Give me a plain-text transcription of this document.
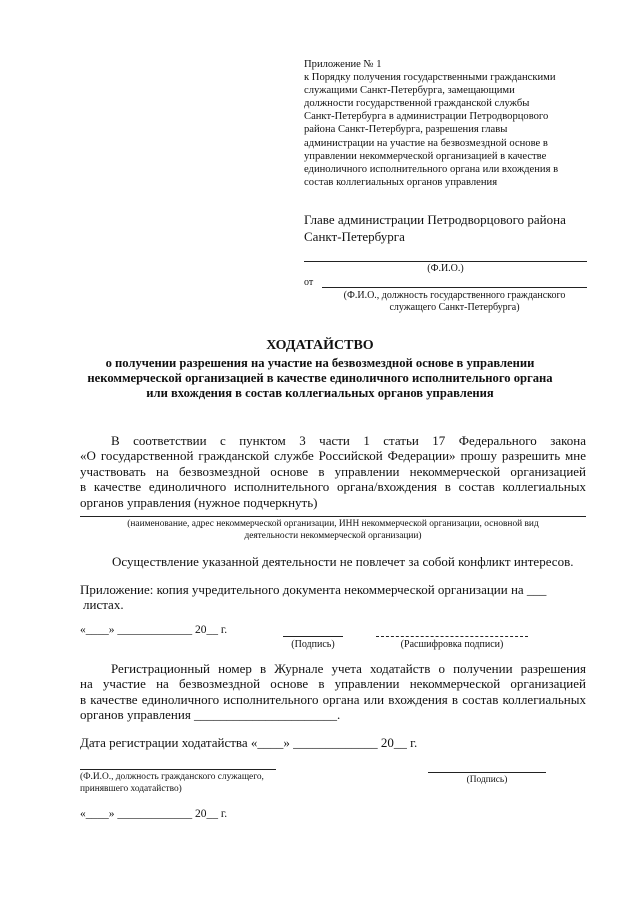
Приложение № 1
к Порядку получения государственными гражданскими
служащими Санкт-Петербурга, замещающими
должности государственной гражданской службы
Санкт-Петербурга в администрации Петродворцового
района Санкт-Петербурга, разрешения главы
администрации на участие на безвозмездной основе в
управлении некоммерческой организацией в качестве
единоличного исполнительного органа или вхождения в
состав коллегиальных органов управления
Главе администрации Петродворцового района
Санкт-Петербурга
(Ф.И.О.)
от
(Ф.И.О., должность государственного гражданского
служащего Санкт-Петербурга)
ХОДАТАЙСТВО
о получении разрешения на участие на безвозмездной основе в управлении
некоммерческой организацией в качестве единоличного исполнительного органа
или вхождения в состав коллегиальных органов управления
В соответствии с пунктом 3 части 1 статьи 17 Федерального закона
«О государственной гражданской службе Российской Федерации» прошу разрешить мне
участвовать на безвозмездной основе в управлении некоммерческой организацией
в качестве единоличного исполнительного органа/вхождения в состав коллегиальных
органов управления (нужное подчеркнуть)
(наименование, адрес некоммерческой организации, ИНН некоммерческой организации, основной вид
деятельности некоммерческой организации)
Осуществление указанной деятельности не повлечет за собой конфликт интересов.
Приложение: копия учредительного документа некоммерческой организации на ___
листах.
«____» _____________ 20__ г.
(Подпись)	(Расшифровка подписи)
Регистрационный номер в Журнале учета ходатайств о получении разрешения
на участие на безвозмездной основе в управлении некоммерческой организацией
в качестве единоличного исполнительного органа или вхождения в состав коллегиальных
органов управления ______________________.
Дата регистрации ходатайства «____» _____________ 20__ г.
(Ф.И.О., должность гражданского служащего,
принявшего ходатайство)
(Подпись)
«____» _____________ 20__ г.
